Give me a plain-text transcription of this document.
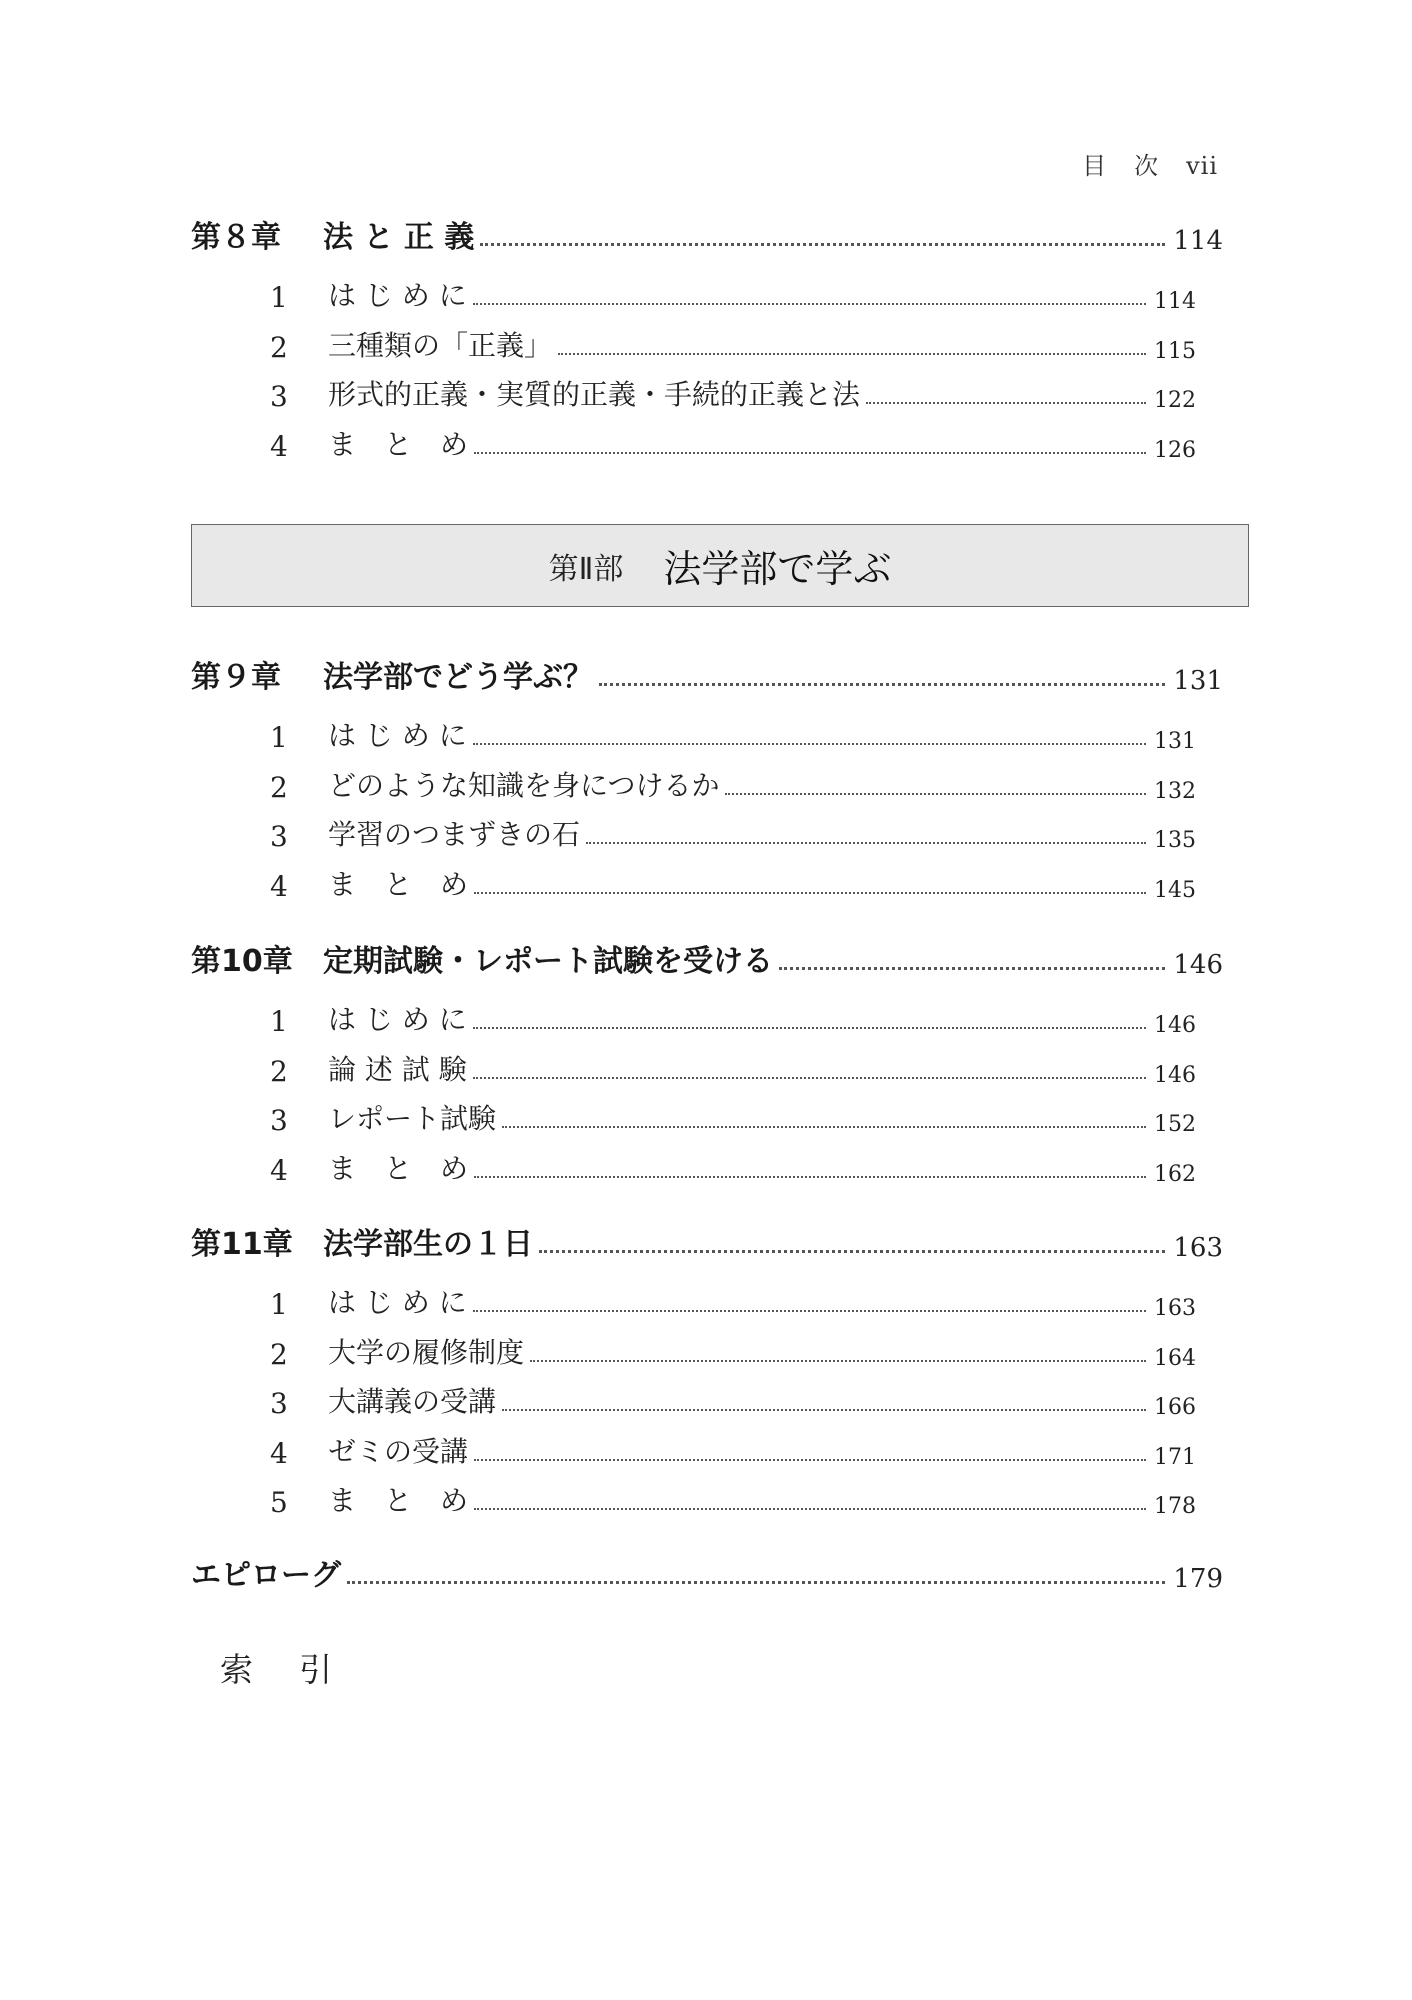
目次vii
第８章	法 と 正 義	114
1	は じ め に	114
2	三種類の「正義」	115
3	形式的正義・実質的正義・手続的正義と法	122
4	ま　と　め	126
第Ⅱ部 法学部で学ぶ
第９章	法学部でどう学ぶ？	131
1	は じ め に	131
2	どのような知識を身につけるか	132
3	学習のつまずきの石	135
4	ま　と　め	145
第10章	定期試験・レポート試験を受ける	146
1	は じ め に	146
2	論 述 試 験	146
3	レポート試験	152
4	ま　と　め	162
第11章	法学部生の１日	163
1	は じ め に	163
2	大学の履修制度	164
3	大講義の受講	166
4	ゼミの受講	171
5	ま　と　め	178
エピローグ	179
索引
